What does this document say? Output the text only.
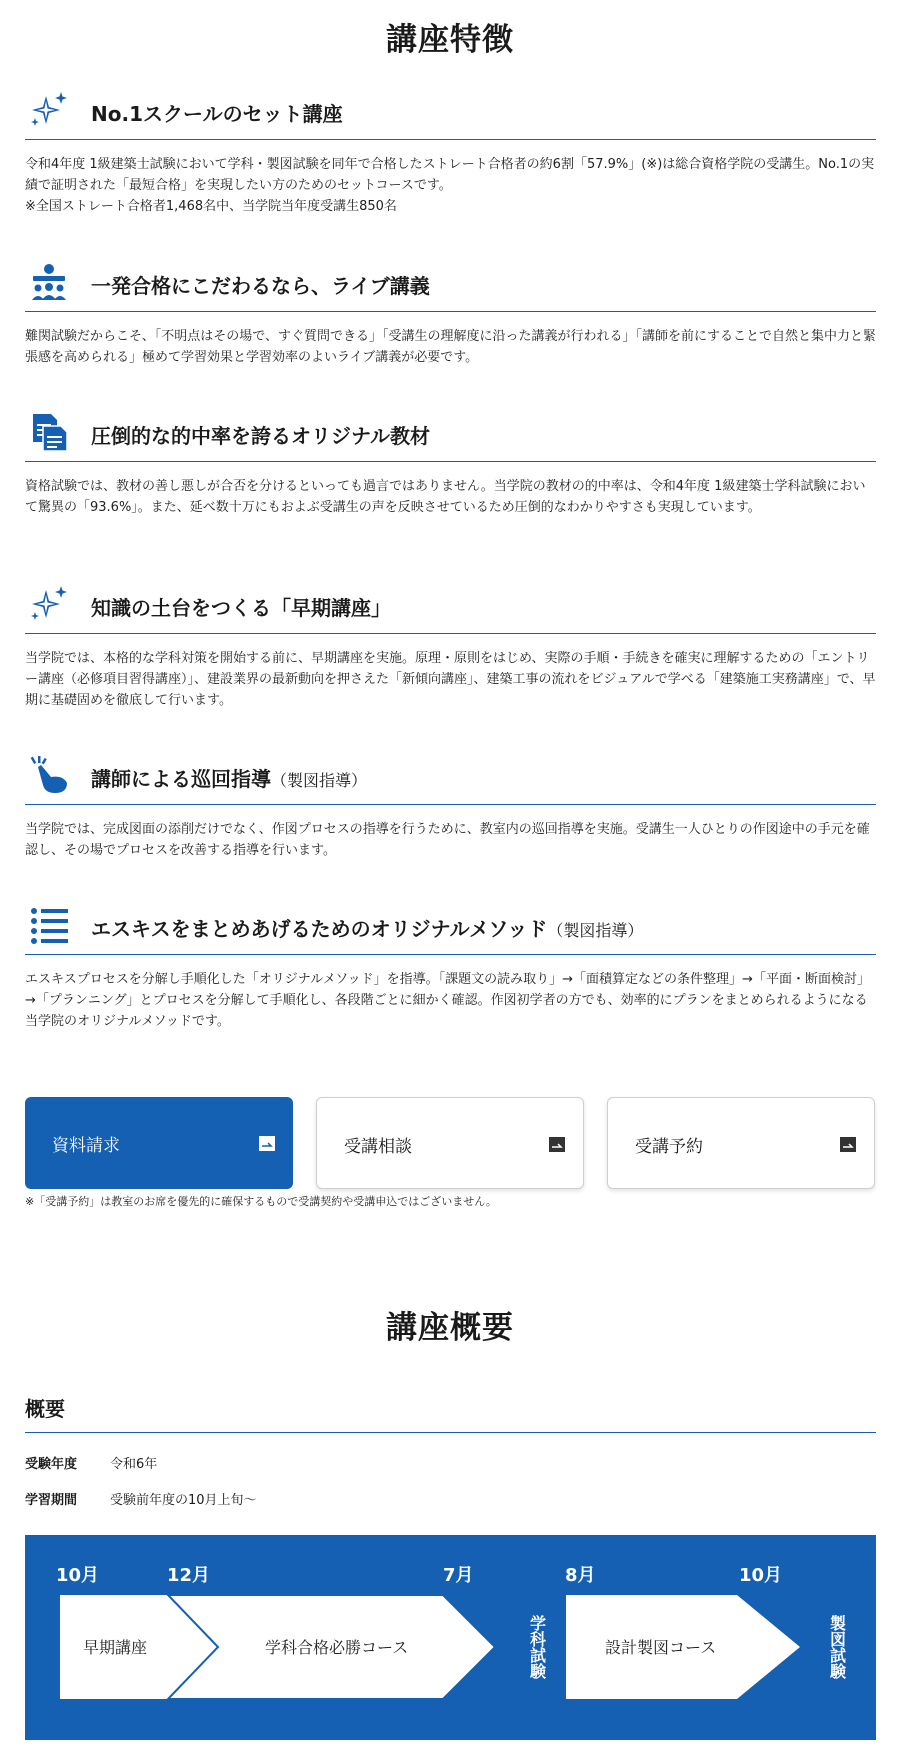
講座特徴
No.1スクールのセット講座
令和4年度 1級建築士試験において学科・製図試験を同年で合格したストレート合格者の約6割「57.9%」(※)は総合資格学院の受講生。No.1の実績で証明された「最短合格」を実現したい方のためのセットコースです。
※全国ストレート合格者1,468名中、当学院当年度受講生850名
一発合格にこだわるなら、ライブ講義
難関試験だからこそ、「不明点はその場で、すぐ質問できる」「受講生の理解度に沿った講義が行われる」「講師を前にすることで自然と集中力と緊張感を高められる」極めて学習効果と学習効率のよいライブ講義が必要です。
圧倒的な的中率を誇るオリジナル教材
資格試験では、教材の善し悪しが合否を分けるといっても過言ではありません。当学院の教材の的中率は、令和4年度 1級建築士学科試験において驚異の「93.6%」。また、延べ数十万にもおよぶ受講生の声を反映させているため圧倒的なわかりやすさも実現しています。
知識の土台をつくる「早期講座」
当学院では、本格的な学科対策を開始する前に、早期講座を実施。原理・原則をはじめ、実際の手順・手続きを確実に理解するための「エントリー講座（必修項目習得講座）」、建設業界の最新動向を押さえた「新傾向講座」、建築工事の流れをビジュアルで学べる「建築施工実務講座」で、早期に基礎固めを徹底して行います。
講師による巡回指導（製図指導）
当学院では、完成図面の添削だけでなく、作図プロセスの指導を行うために、教室内の巡回指導を実施。受講生一人ひとりの作図途中の手元を確認し、その場でプロセスを改善する指導を行います。
エスキスをまとめあげるためのオリジナルメソッド（製図指導）
エスキスプロセスを分解し手順化した「オリジナルメソッド」を指導。「課題文の読み取り」→「面積算定などの条件整理」→「平面・断面検討」→「プランニング」とプロセスを分解して手順化し、各段階ごとに細かく確認。作図初学者の方でも、効率的にプランをまとめられるようになる当学院のオリジナルメソッドです。
資料請求	受講相談	受講予約
※「受講予約」は教室のお席を優先的に確保するもので受講契約や受講申込ではございません。
講座概要
概要
受験年度	令和6年
学習期間	受験前年度の10月上旬〜
10月	12月	7月	8月	10月
早期講座	学科合格必勝コース	設計製図コース
学科試験	製図試験
